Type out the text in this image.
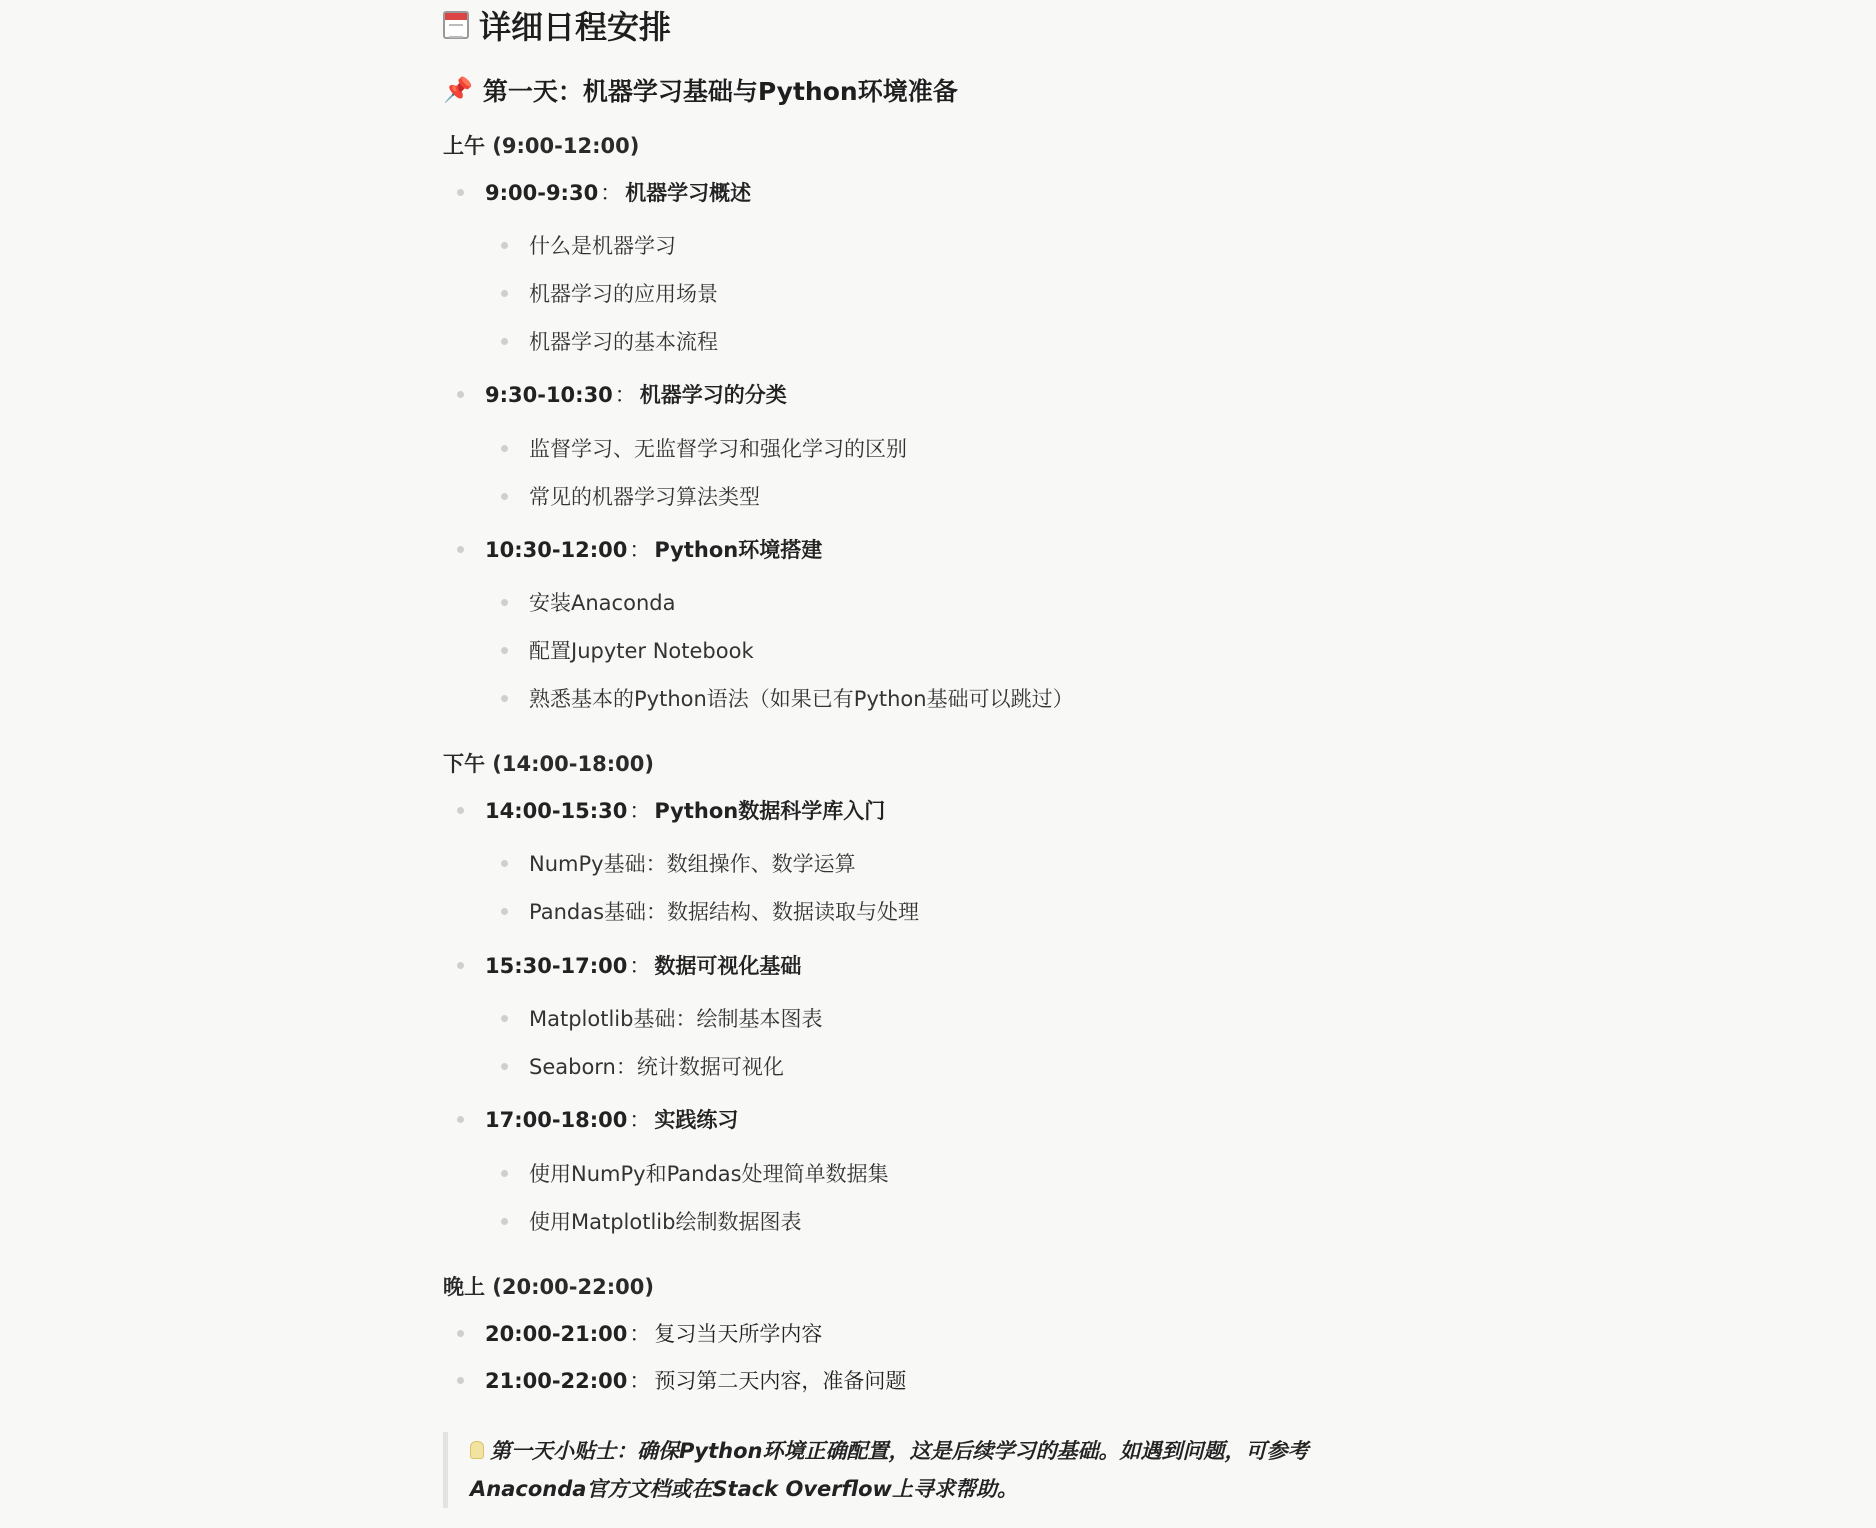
详细日程安排
📌 第一天：机器学习基础与Python环境准备
上午 (9:00-12:00)
9:00-9:30： 机器学习概述
什么是机器学习
机器学习的应用场景
机器学习的基本流程
9:30-10:30： 机器学习的分类
监督学习、无监督学习和强化学习的区别
常见的机器学习算法类型
10:30-12:00： Python环境搭建
安装Anaconda
配置Jupyter Notebook
熟悉基本的Python语法（如果已有Python基础可以跳过）
下午 (14:00-18:00)
14:00-15:30： Python数据科学库入门
NumPy基础：数组操作、数学运算
Pandas基础：数据结构、数据读取与处理
15:30-17:00： 数据可视化基础
Matplotlib基础：绘制基本图表
Seaborn：统计数据可视化
17:00-18:00： 实践练习
使用NumPy和Pandas处理简单数据集
使用Matplotlib绘制数据图表
晚上 (20:00-22:00)
20:00-21:00： 复习当天所学内容
21:00-22:00： 预习第二天内容，准备问题
第一天小贴士：确保Python环境正确配置，这是后续学习的基础。如遇到问题，可参考
Anaconda官方文档或在Stack Overflow上寻求帮助。
